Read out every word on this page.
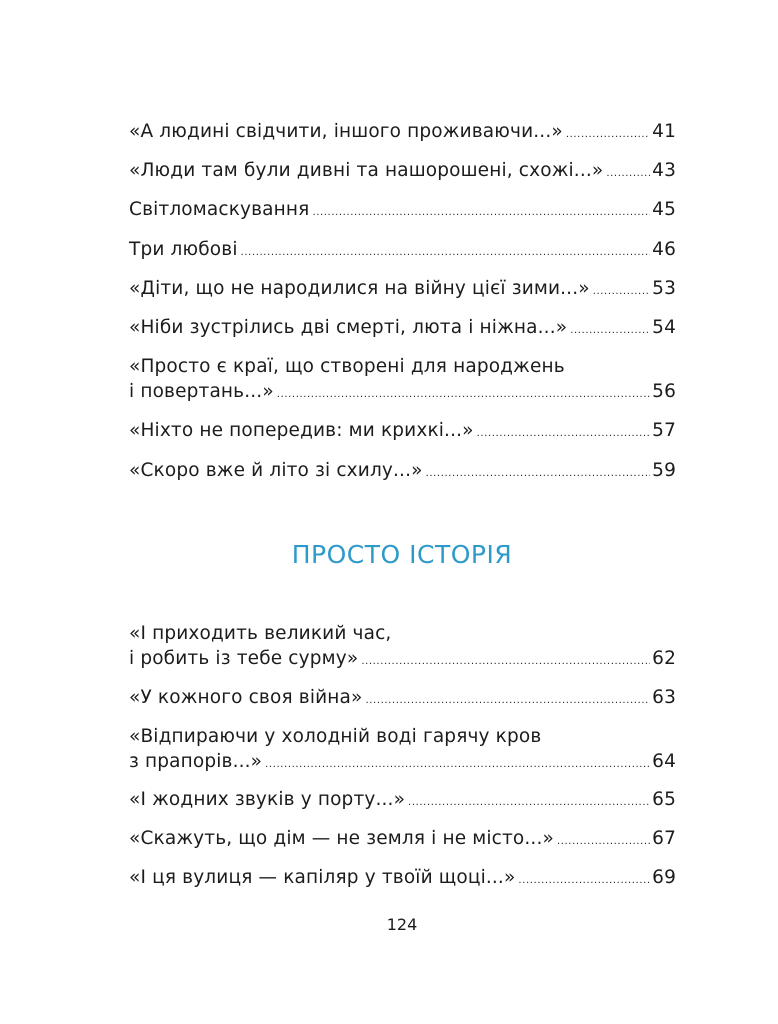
«А людині свідчити, іншого проживаючи...» .....	41
«Люди там були дивні та нашорошені, схожі...» .....	43
Світломаскування .....	45
Три любові .....	46
«Діти, що не народилися на війну цієї зими...» .....	53
«Ніби зустрілись дві смерті, люта і ніжна...» .....	54
«Просто є краї, що створені для народжень
і повертань...» .....	56
«Ніхто не попередив: ми крихкі...» .....	57
«Скоро вже й літо зі схилу...» .....	59
ПРОСТО ІСТОРІЯ
«І приходить великий час,
і робить із тебе сурму» .....	62
«У кожного своя війна» .....	63
«Відпираючи у холодній воді гарячу кров
з прапорів...» .....	64
«І жодних звуків у порту...» .....	65
«Скажуть, що дім — не земля і не місто...» .....	67
«І ця вулиця — капіляр у твоїй щоці...» .....	69
124
